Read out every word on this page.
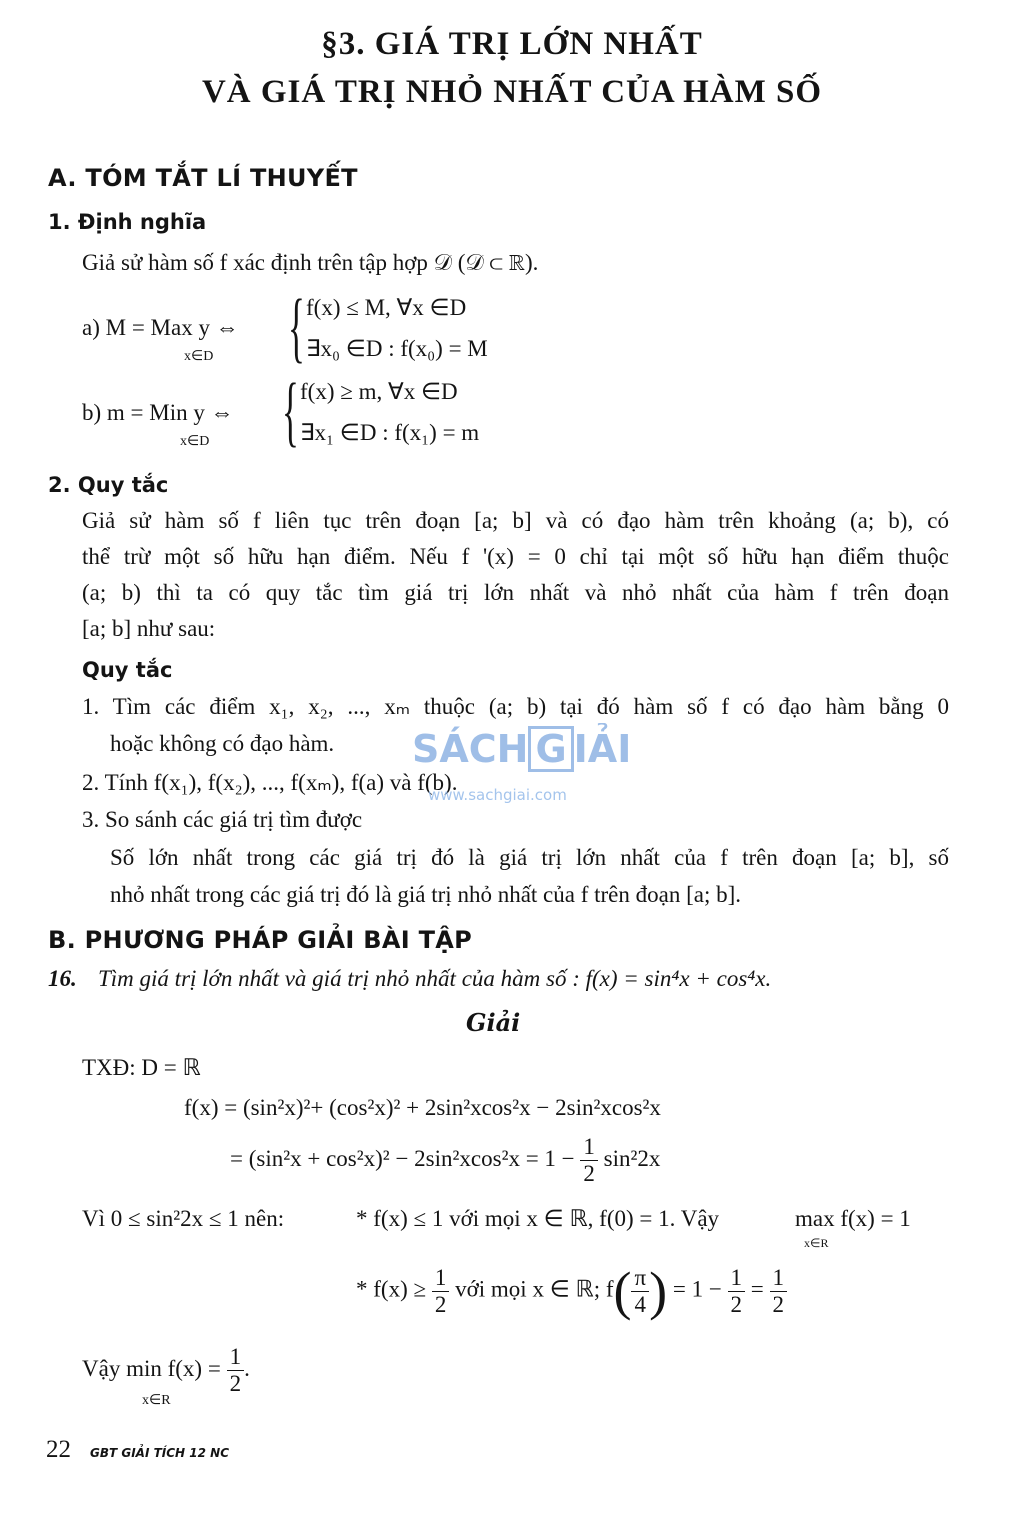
§3. GIÁ TRỊ LỚN NHẤT
VÀ GIÁ TRỊ NHỎ NHẤT CỦA HÀM SỐ
A. TÓM TẮT LÍ THUYẾT
1. Định nghĩa
Giả sử hàm số f xác định trên tập hợp 𝒟 (𝒟 ⊂ ℝ).
a) M = Max y ⇔
x∈D { f(x) ≤ M, ∀x ∈D
∃x₀ ∈D : f(x₀) = M
b) m = Min y ⇔
x∈D { f(x) ≥ m, ∀x ∈D
∃x₁ ∈D : f(x₁) = m
2. Quy tắc
Giả sử hàm số f liên tục trên đoạn [a; b] và có đạo hàm trên khoảng (a; b), có
thể trừ một số hữu hạn điểm. Nếu f '(x) = 0 chỉ tại một số hữu hạn điểm thuộc
(a; b) thì ta có quy tắc tìm giá trị lớn nhất và nhỏ nhất của hàm f trên đoạn
[a; b] như sau:
Quy tắc
1. Tìm các điểm x₁, x₂, ..., xₘ thuộc (a; b) tại đó hàm số f có đạo hàm bằng 0
hoặc không có đạo hàm.
2. Tính f(x₁), f(x₂), ..., f(xₘ), f(a) và f(b).
3. So sánh các giá trị tìm được
Số lớn nhất trong các giá trị đó là giá trị lớn nhất của f trên đoạn [a; b], số
nhỏ nhất trong các giá trị đó là giá trị nhỏ nhất của f trên đoạn [a; b].
SÁCH G IẢI
www.sachgiai.com
B. PHƯƠNG PHÁP GIẢI BÀI TẬP
16. Tìm giá trị lớn nhất và giá trị nhỏ nhất của hàm số : f(x) = sin⁴x + cos⁴x.
Giải
TXĐ: D = ℝ
f(x) = (sin²x)²+ (cos²x)² + 2sin²xcos²x − 2sin²xcos²x
= $(\sin^2x + \cos^2x)^2 - 2\sin^2xcos^2x = 1 - \frac{1}{2} \sin^22x$
Vì 0 ≤ sin²2x ≤ 1 nên:	* f(x) ≤ 1 với mọi x ∈ ℝ, f(0) = 1. Vậy	max f(x) = 1
x∈R
* $f(x) \ge \frac{1}{2}$ với mọi x ∈ ℝ; $f( \frac{\pi}{4}$ ) = $1 - \frac{1}{2} = \frac{1}{2}$
Vậy $\min f(x) = \frac{1}{2}$ .
x∈R
22 GBT GIẢI TÍCH 12 NC
